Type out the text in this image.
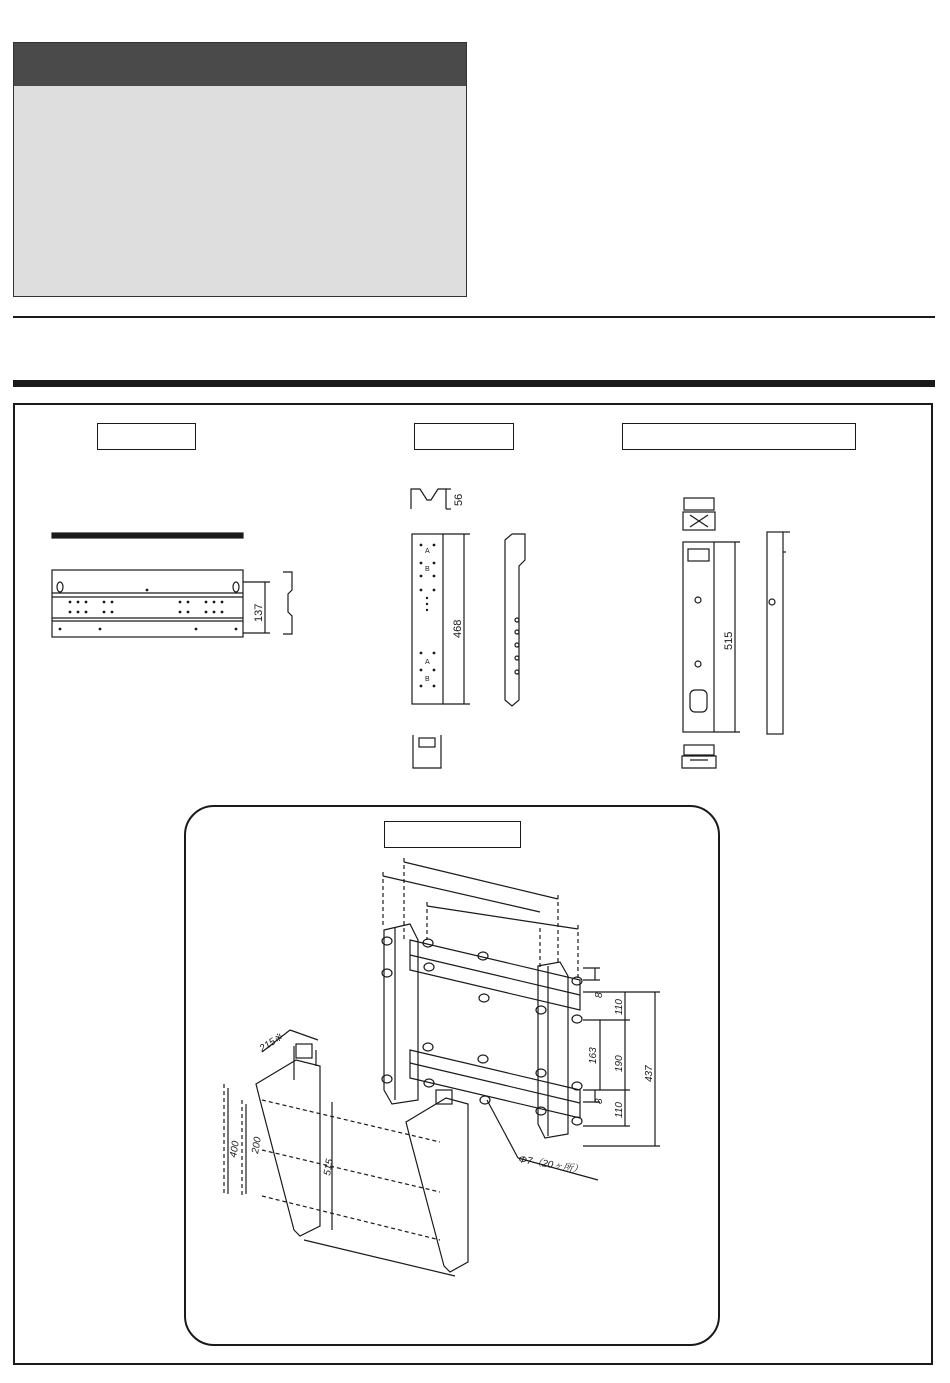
137
56
468
515
A
B
A
B
8
110
163 190
8
110
437
215※
400 200
515	Φ7（20ヶ所）
